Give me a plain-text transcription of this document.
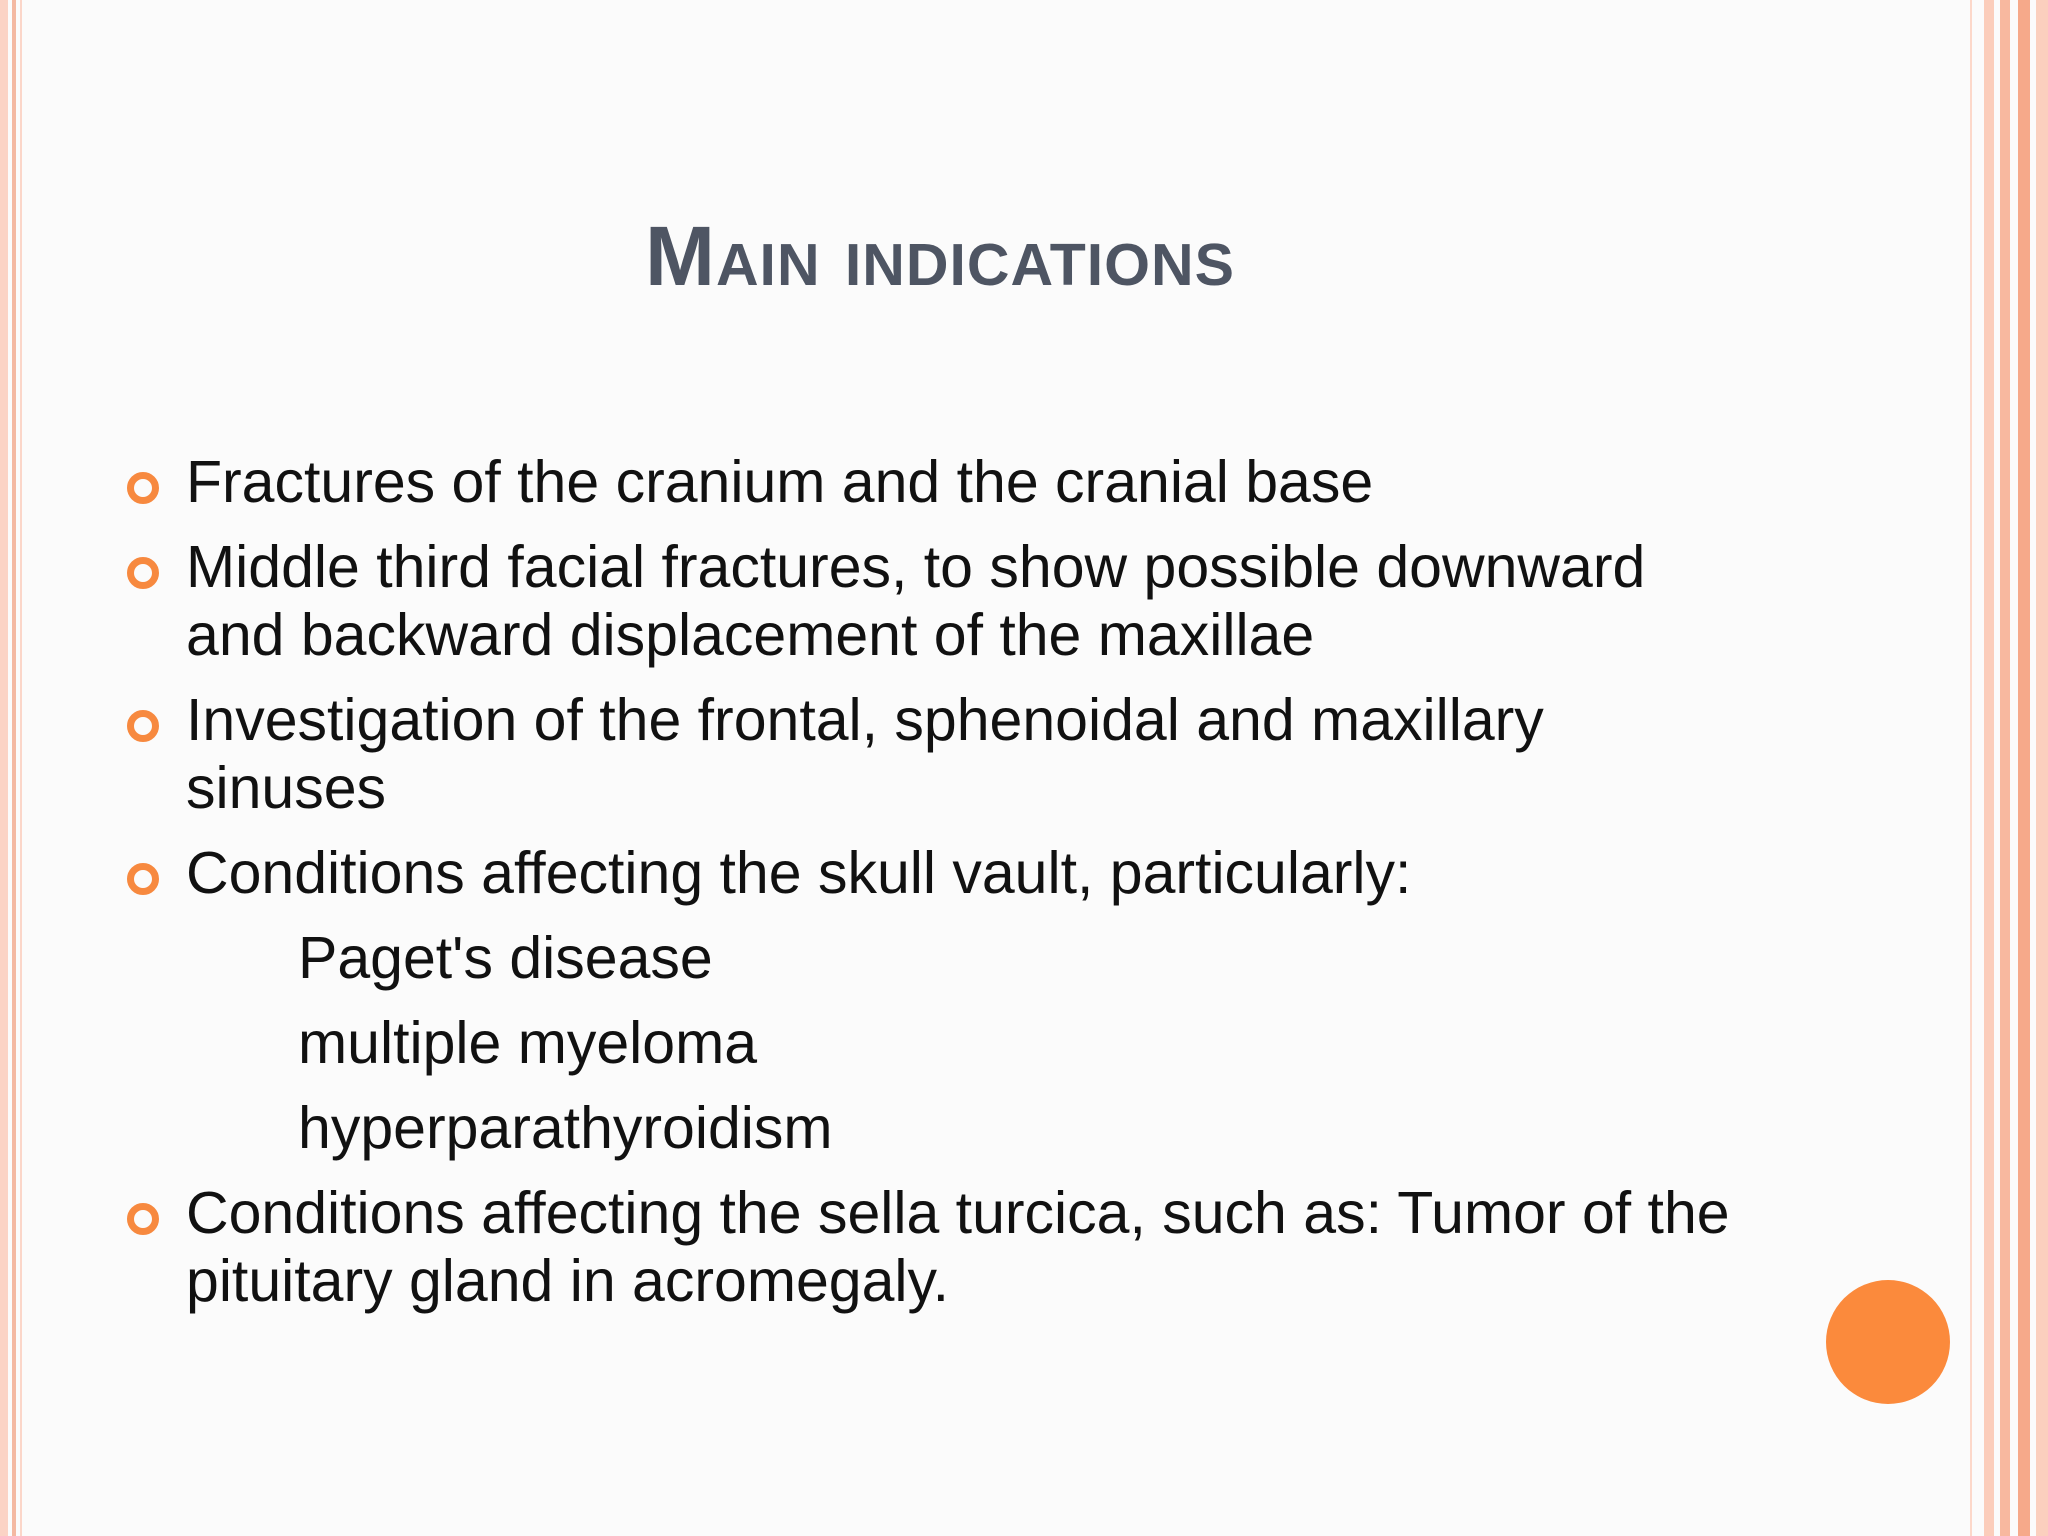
Main indications
Fractures of the cranium and the cranial base
Middle third facial fractures, to show possible downward and backward displacement of the maxillae
Investigation of the frontal, sphenoidal and maxillary sinuses
Conditions affecting the skull vault, particularly:
Paget's disease
multiple myeloma
hyperparathyroidism
Conditions affecting the sella turcica, such as: Tumor of the pituitary gland in acromegaly.
